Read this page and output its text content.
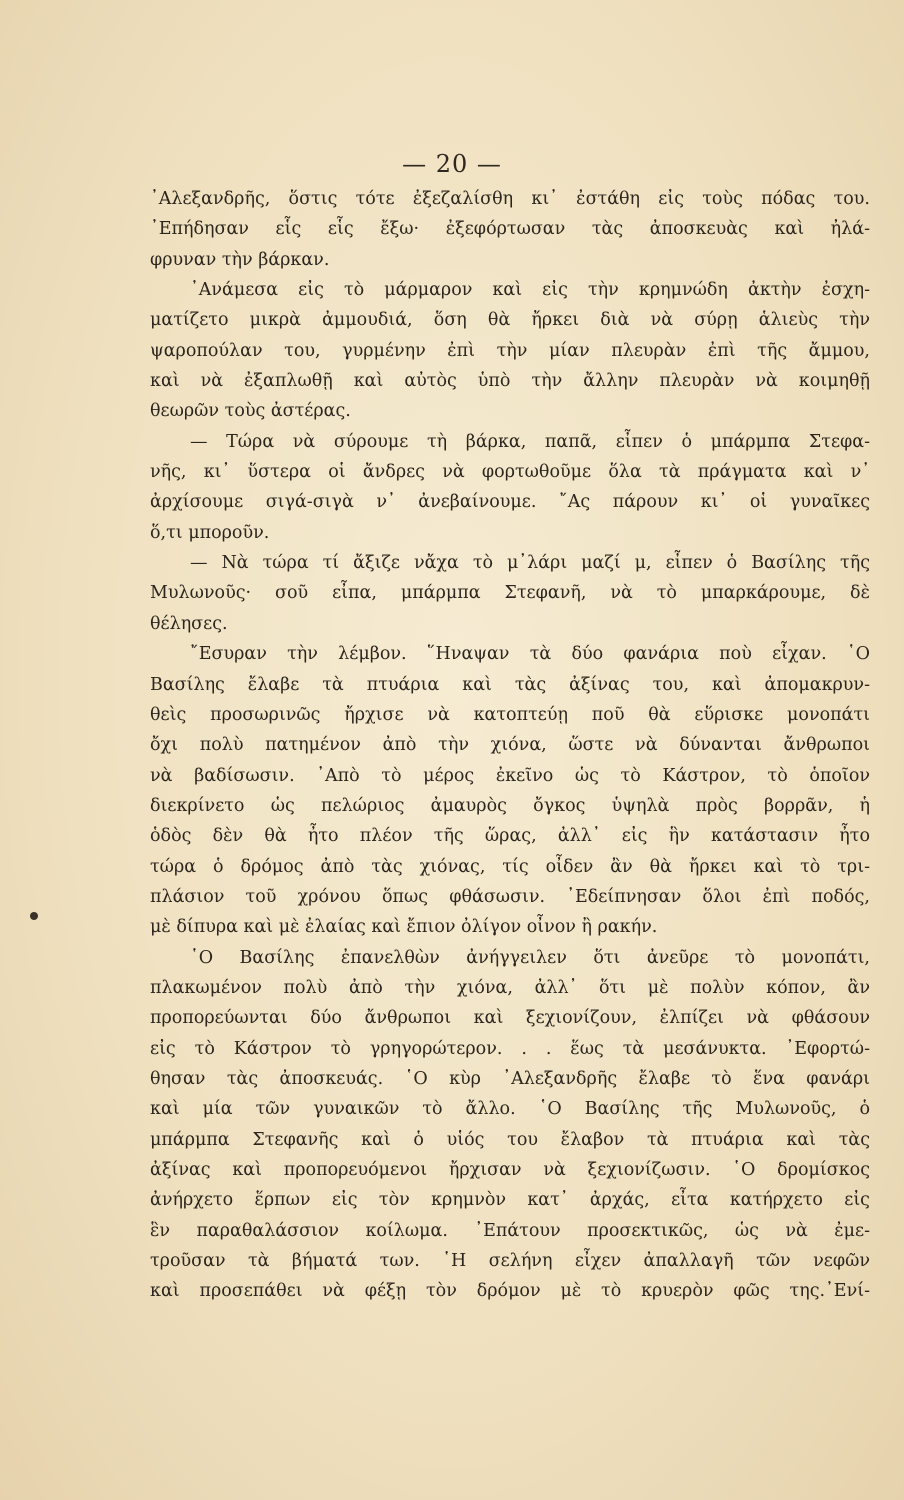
— 20 —
᾿Αλεξανδρῆς, ὅστις τότε ἐξεζαλίσθη κι᾿ ἐστάθη εἰς τοὺς πόδας του.
᾿Επήδησαν εἷς εἷς ἔξω· ἐξεφόρτωσαν τὰς ἀποσκευὰς καὶ ἠλά-
φρυναν τὴν βάρκαν.
᾿Ανάμεσα εἰς τὸ μάρμαρον καὶ εἰς τὴν κρημνώδη ἀκτὴν ἐσχη-
ματίζετο μικρὰ ἀμμουδιά, ὅση θὰ ἤρκει διὰ νὰ σύρῃ ἁλιεὺς τὴν
ψαροπούλαν του, γυρμένην ἐπὶ τὴν μίαν πλευρὰν ἐπὶ τῆς ἄμμου,
καὶ νὰ ἐξαπλωθῇ καὶ αὐτὸς ὑπὸ τὴν ἄλλην πλευρὰν νὰ κοιμηθῇ
θεωρῶν τοὺς ἀστέρας.
— Τώρα νὰ σύρουμε τὴ βάρκα, παπᾶ, εἶπεν ὁ μπάρμπα Στεφα-
νῆς, κι᾿ ὕστερα οἱ ἄνδρες νὰ φορτωθοῦμε ὅλα τὰ πράγματα καὶ ν᾿
ἀρχίσουμε σιγά-σιγὰ ν᾿ ἀνεβαίνουμε. ῎Ας πάρουν κι᾿ οἱ γυναῖκες
ὅ,τι μποροῦν.
— Νὰ τώρα τί ἄξιζε νἄχα τὸ μ᾿λάρι μαζί μ, εἶπεν ὁ Βασίλης τῆς
Μυλωνοῦς· σοῦ εἶπα, μπάρμπα Στεφανῆ, νὰ τὸ μπαρκάρουμε, δὲ
θέλησες.
῎Εσυραν τὴν λέμβον. ῞Ηναψαν τὰ δύο φανάρια ποὺ εἶχαν. ῾Ο
Βασίλης ἔλαβε τὰ πτυάρια καὶ τὰς ἀξίνας του, καὶ ἀπομακρυν-
θεὶς προσωρινῶς ἤρχισε νὰ κατοπτεύῃ ποῦ θὰ εὕρισκε μονοπάτι
ὄχι πολὺ πατημένον ἀπὸ τὴν χιόνα, ὥστε νὰ δύνανται ἄνθρωποι
νὰ βαδίσωσιν. ᾿Απὸ τὸ μέρος ἐκεῖνο ὡς τὸ Κάστρον, τὸ ὁποῖον
διεκρίνετο ὡς πελώριος ἀμαυρὸς ὄγκος ὑψηλὰ πρὸς βορρᾶν, ἡ
ὁδὸς δὲν θὰ ἦτο πλέον τῆς ὥρας, ἀλλ᾿ εἰς ἣν κατάστασιν ἦτο
τώρα ὁ δρόμος ἀπὸ τὰς χιόνας, τίς οἶδεν ἂν θὰ ἤρκει καὶ τὸ τρι-
πλάσιον τοῦ χρόνου ὅπως φθάσωσιν. ᾿Εδείπνησαν ὅλοι ἐπὶ ποδός,
μὲ δίπυρα καὶ μὲ ἐλαίας καὶ ἔπιον ὀλίγον οἶνον ἢ ρακήν.
῾Ο Βασίλης ἐπανελθὼν ἀνήγγειλεν ὅτι ἀνεῦρε τὸ μονοπάτι,
πλακωμένον πολὺ ἀπὸ τὴν χιόνα, ἀλλ᾿ ὅτι μὲ πολὺν κόπον, ἂν
προπορεύωνται δύο ἄνθρωποι καὶ ξεχιονίζουν, ἐλπίζει νὰ φθάσουν
εἰς τὸ Κάστρον τὸ γρηγορώτερον. . . ἕως τὰ μεσάνυκτα. ᾿Εφορτώ-
θησαν τὰς ἀποσκευάς. ῾Ο κὺρ ᾿Αλεξανδρῆς ἔλαβε τὸ ἕνα φανάρι
καὶ μία τῶν γυναικῶν τὸ ἄλλο. ῾Ο Βασίλης τῆς Μυλωνοῦς, ὁ
μπάρμπα Στεφανῆς καὶ ὁ υἱός του ἔλαβον τὰ πτυάρια καὶ τὰς
ἀξίνας καὶ προπορευόμενοι ἤρχισαν νὰ ξεχιονίζωσιν. ῾Ο δρομίσκος
ἀνήρχετο ἕρπων εἰς τὸν κρημνὸν κατ᾿ ἀρχάς, εἶτα κατήρχετο εἰς
ἓν παραθαλάσσιον κοίλωμα. ᾿Επάτουν προσεκτικῶς, ὡς νὰ ἐμε-
τροῦσαν τὰ βήματά των. ῾Η σελήνη εἶχεν ἀπαλλαγῆ τῶν νεφῶν
καὶ προσεπάθει νὰ φέξῃ τὸν δρόμον μὲ τὸ κρυερὸν φῶς της.᾿Ενί-
